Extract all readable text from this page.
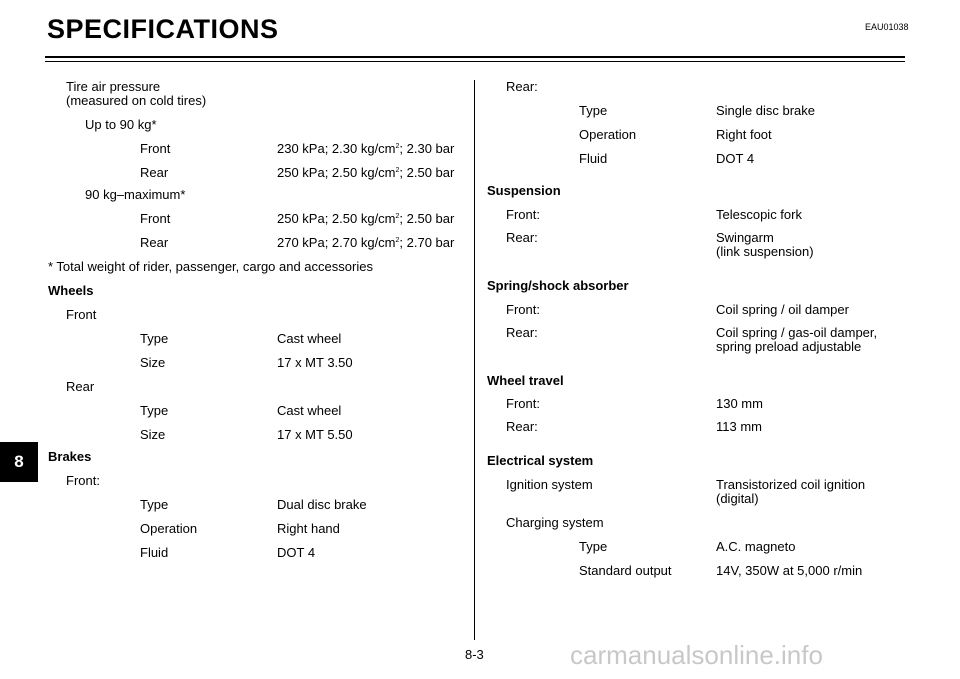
SPECIFICATIONS	EAU01038
8
Tire air pressure
(measured on cold tires)
Up to 90 kg*
Front	230 kPa; 2.30 $kg/cm^2$; 2.30 bar
Rear	250 kPa; 2.50 $kg/cm^2$; 2.50 bar
90 kg–maximum*
Front	250 kPa; 2.50 $kg/cm^2$; 2.50 bar
Rear	270 kPa; 2.70 $kg/cm^2$; 2.70 bar
* Total weight of rider, passenger, cargo and accessories
Wheels
Front
Type	Cast wheel
Size	17 x MT 3.50
Rear
Type	Cast wheel
Size	17 x MT 5.50
Brakes
Front:
Type	Dual disc brake
Operation	Right hand
Fluid	DOT 4
Rear:
Type	Single disc brake
Operation	Right foot
Fluid	DOT 4
Suspension
Front:	Telescopic fork
Rear:	Swingarm
(link suspension)
Spring/shock absorber
Front:	Coil spring / oil damper
Rear:	Coil spring / gas-oil damper,
spring preload adjustable
Wheel travel
Front:	130 mm
Rear:	113 mm
Electrical system
Ignition system	Transistorized coil ignition
(digital)
Charging system
Type	A.C. magneto
Standard output	14V, 350W at 5,000 r/min
8-3	carmanualsonline.info
